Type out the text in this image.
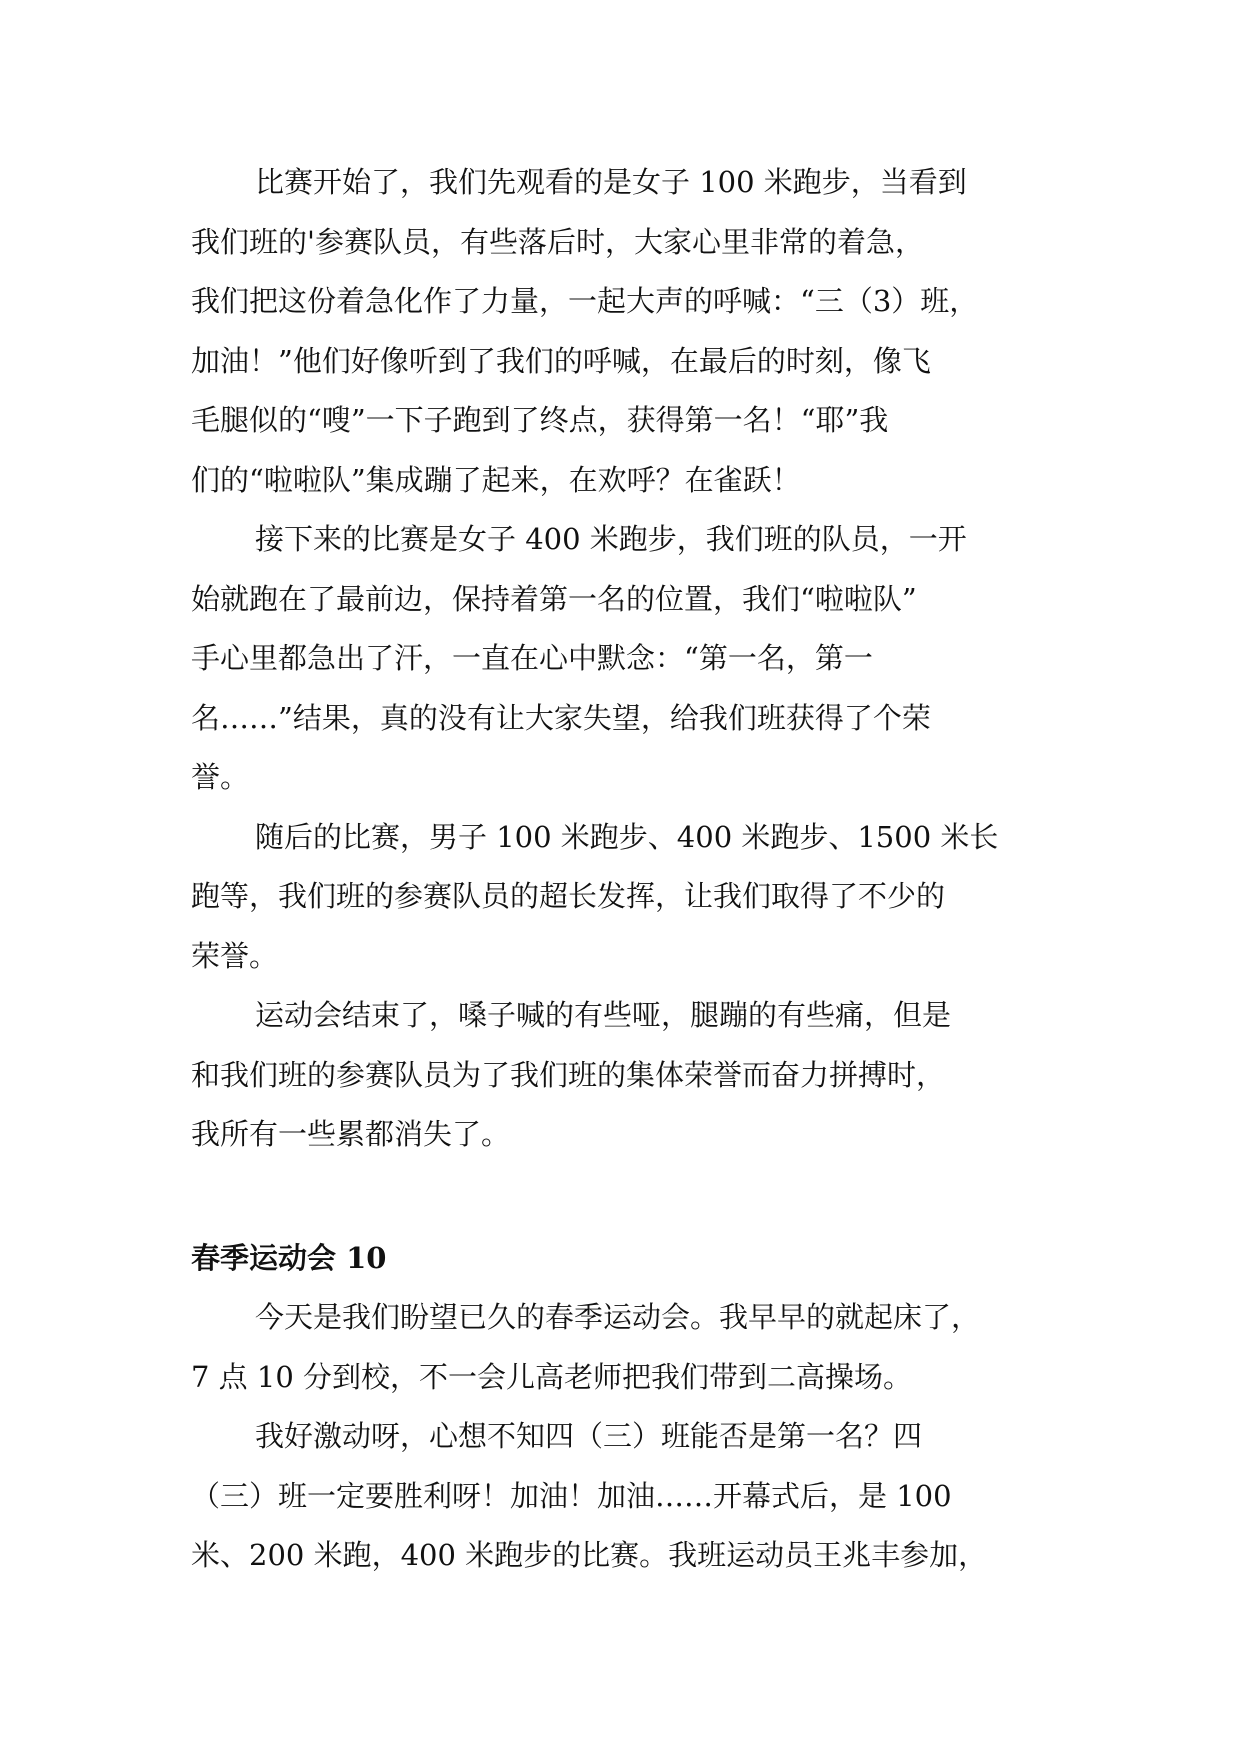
比赛开始了，我们先观看的是女子 100 米跑步，当看到
我们班的'参赛队员，有些落后时，大家心里非常的着急，
我们把这份着急化作了力量，一起大声的呼喊：“三（3）班，
加油！”他们好像听到了我们的呼喊，在最后的时刻，像飞
毛腿似的“嗖”一下子跑到了终点，获得第一名！“耶”我
们的“啦啦队”集成蹦了起来，在欢呼？在雀跃！
接下来的比赛是女子 400 米跑步，我们班的队员，一开
始就跑在了最前边，保持着第一名的位置，我们“啦啦队”
手心里都急出了汗，一直在心中默念：“第一名，第一
名……”结果，真的没有让大家失望，给我们班获得了个荣
誉。
随后的比赛，男子 100 米跑步、400 米跑步、1500 米长
跑等，我们班的参赛队员的超长发挥，让我们取得了不少的
荣誉。
运动会结束了，嗓子喊的有些哑，腿蹦的有些痛，但是
和我们班的参赛队员为了我们班的集体荣誉而奋力拼搏时，
我所有一些累都消失了。
春季运动会 10
今天是我们盼望已久的春季运动会。我早早的就起床了，
7 点 10 分到校，不一会儿高老师把我们带到二高操场。
我好激动呀，心想不知四（三）班能否是第一名？四
（三）班一定要胜利呀！加油！加油……开幕式后，是 100
米、200 米跑，400 米跑步的比赛。我班运动员王兆丰参加，
